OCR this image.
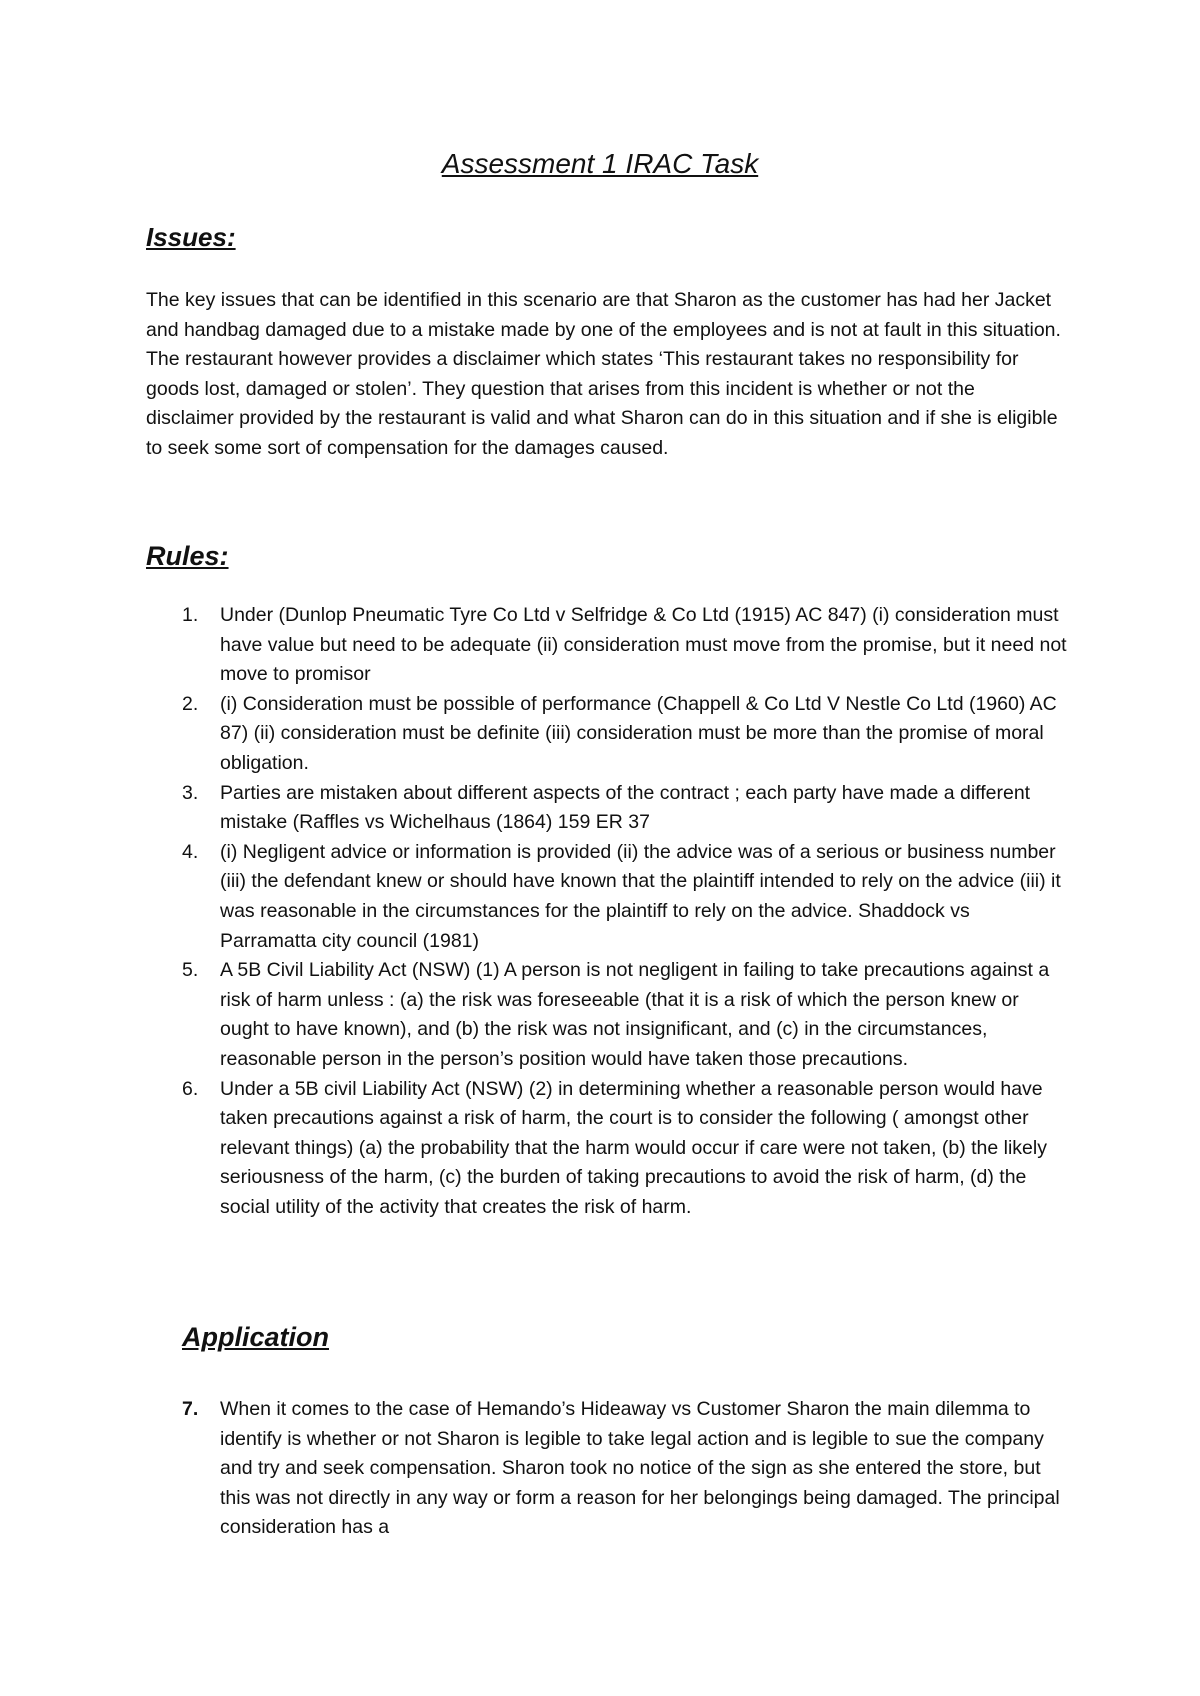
Assessment 1 IRAC Task
Issues:

The key issues that can be identified in this scenario are that Sharon as the customer has had her Jacket and handbag damaged due to a mistake made by one of the employees and is not at fault in this situation. The restaurant however provides a disclaimer which states ‘This restaurant takes no responsibility for goods lost, damaged or stolen’. They question that arises from this incident is whether or not the disclaimer provided by the restaurant is valid and what Sharon can do in this situation and if she is eligible to seek some sort of compensation for the damages caused.

Rules:
1. Under (Dunlop Pneumatic Tyre Co Ltd v Selfridge & Co Ltd (1915) AC 847) (i) consideration must have value but need to be adequate (ii) consideration must move from the promise, but it need not move to promisor
2. (i) Consideration must be possible of performance (Chappell & Co Ltd V Nestle Co Ltd (1960) AC 87) (ii) consideration must be definite (iii) consideration must be more than the promise of moral obligation.
3. Parties are mistaken about different aspects of the contract ; each party have made a different mistake (Raffles vs Wichelhaus (1864) 159 ER 37
4. (i) Negligent advice or information is provided (ii) the advice was of a serious or business number (iii) the defendant knew or should have known that the plaintiff intended to rely on the advice (iii) it was reasonable in the circumstances for the plaintiff to rely on the advice. Shaddock vs Parramatta city council (1981)
5. A 5B Civil Liability Act (NSW) (1) A person is not negligent in failing to take precautions against a risk of harm unless : (a) the risk was foreseeable (that it is a risk of which the person knew or ought to have known), and (b) the risk was not insignificant, and (c) in the circumstances, reasonable person in the person’s position would have taken those precautions.
6. Under a 5B civil Liability Act (NSW) (2) in determining whether a reasonable person would have taken precautions against a risk of harm, the court is to consider the following ( amongst other relevant things) (a) the probability that the harm would occur if care were not taken, (b) the likely seriousness of the harm, (c) the burden of taking precautions to avoid the risk of harm, (d) the social utility of the activity that creates the risk of harm.
Application
7. When it comes to the case of Hemando’s Hideaway vs Customer Sharon the main dilemma to identify is whether or not Sharon is legible to take legal action and is legible to sue the company and try and seek compensation. Sharon took no notice of the sign as she entered the store, but this was not directly in any way or form a reason for her belongings being damaged. The principal consideration has a
